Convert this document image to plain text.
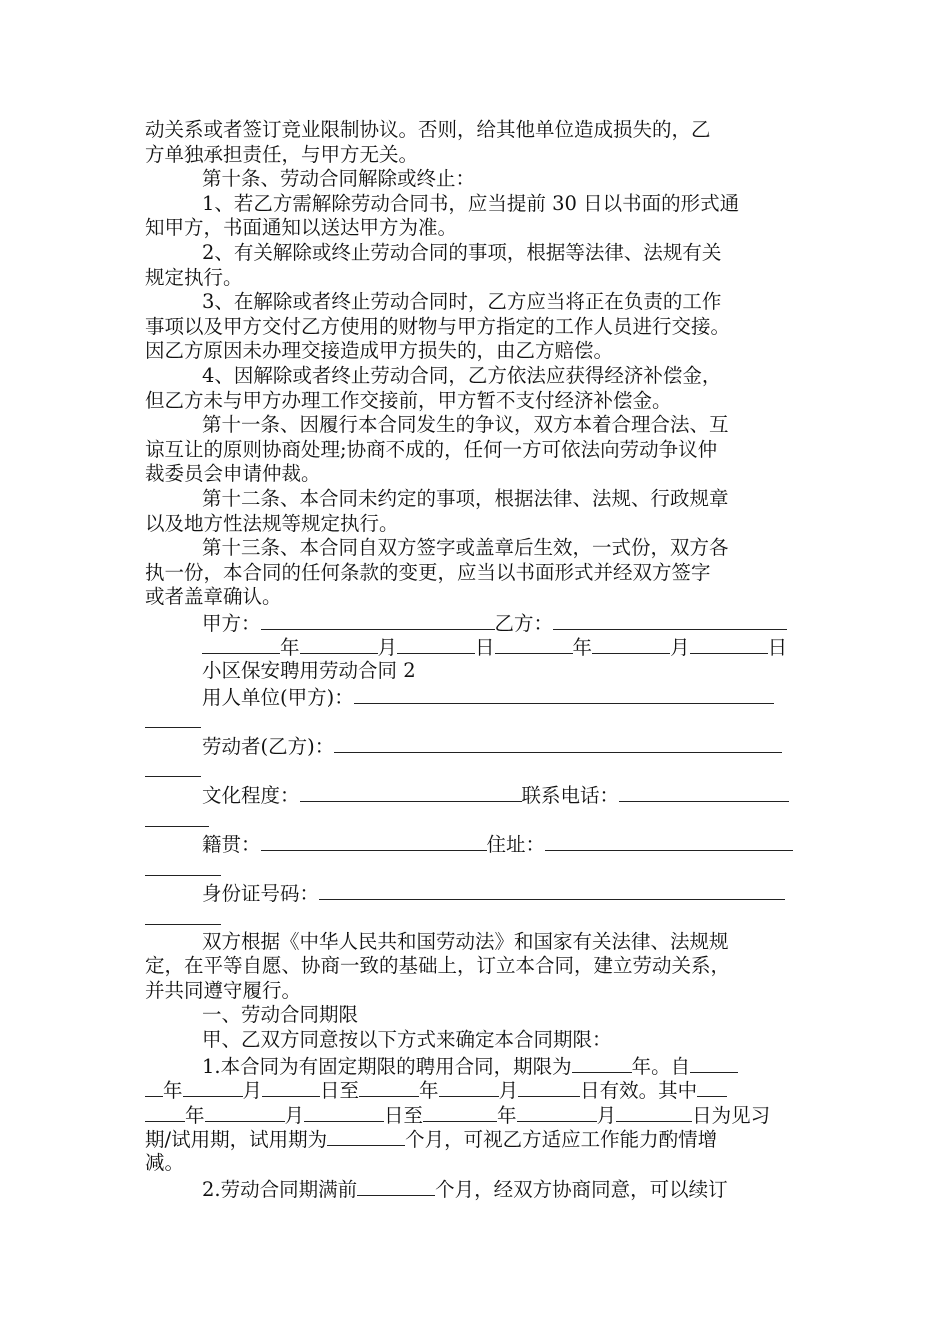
动关系或者签订竞业限制协议。否则，给其他单位造成损失的，乙
方单独承担责任，与甲方无关。
第十条、劳动合同解除或终止：
1、若乙方需解除劳动合同书，应当提前 30 日以书面的形式通
知甲方，书面通知以送达甲方为准。
2、有关解除或终止劳动合同的事项，根据等法律、法规有关
规定执行。
3、在解除或者终止劳动合同时，乙方应当将正在负责的工作
事项以及甲方交付乙方使用的财物与甲方指定的工作人员进行交接。
因乙方原因未办理交接造成甲方损失的，由乙方赔偿。
4、因解除或者终止劳动合同，乙方依法应获得经济补偿金，
但乙方未与甲方办理工作交接前，甲方暂不支付经济补偿金。
第十一条、因履行本合同发生的争议，双方本着合理合法、互
谅互让的原则协商处理;协商不成的，任何一方可依法向劳动争议仲
裁委员会申请仲裁。
第十二条、本合同未约定的事项，根据法律、法规、行政规章
以及地方性法规等规定执行。
第十三条、本合同自双方签字或盖章后生效，一式份，双方各
执一份，本合同的任何条款的变更，应当以书面形式并经双方签字
或者盖章确认。
甲方：	乙方：
年	月	日	年	月	日
小区保安聘用劳动合同 2
用人单位(甲方)：
劳动者(乙方)：
文化程度：	联系电话：
籍贯：	住址：
身份证号码：
双方根据《中华人民共和国劳动法》和国家有关法律、法规规
定，在平等自愿、协商一致的基础上，订立本合同，建立劳动关系，
并共同遵守履行。
一、劳动合同期限
甲、乙双方同意按以下方式来确定本合同期限：
1.本合同为有固定期限的聘用合同，期限为	年。自
年	月	日至	年	月	日有效。其中
年	月	日至	年	月	日为见习
期/试用期，试用期为	个月，可视乙方适应工作能力酌情增
减。
2.劳动合同期满前	个月，经双方协商同意，可以续订
